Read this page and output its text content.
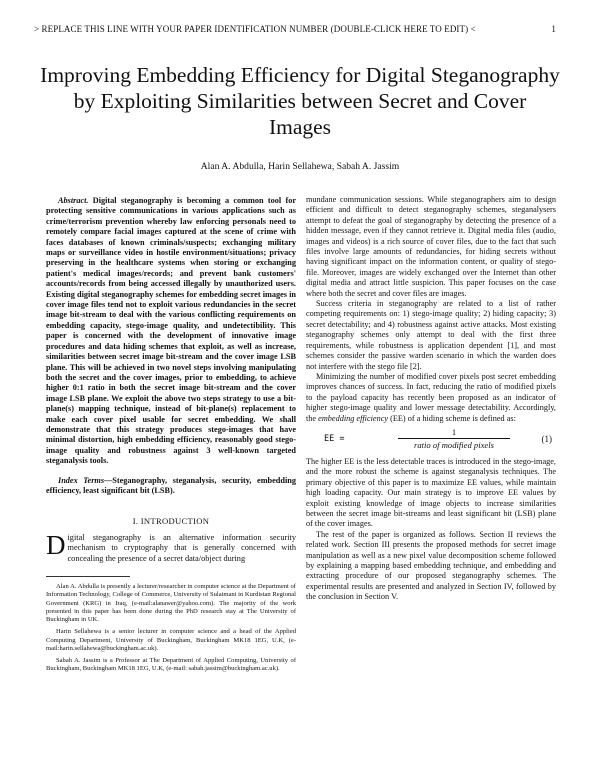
> REPLACE THIS LINE WITH YOUR PAPER IDENTIFICATION NUMBER (DOUBLE-CLICK HERE TO EDIT) <	1
Improving Embedding Efficiency for Digital Steganography by Exploiting Similarities between Secret and Cover Images
Alan A. Abdulla, Harin Sellahewa, Sabah A. Jassim

Abstract. Digital steganography is becoming a common tool for protecting sensitive communications in various applications such as crime/terrorism prevention whereby law enforcing personals need to remotely compare facial images captured at the scene of crime with faces databases of known criminals/suspects; exchanging military maps or surveillance video in hostile environment/situations; privacy preserving in the healthcare systems when storing or exchanging patient's medical images/records; and prevent bank customers' accounts/records from being accessed illegally by unauthorized users. Existing digital steganography schemes for embedding secret images in cover image files tend not to exploit various redundancies in the secret image bit-stream to deal with the various conflicting requirements on embedding capacity, stego-image quality, and undetectibility. This paper is concerned with the development of innovative image procedures and data hiding schemes that exploit, as well as increase, similarities between secret image bit-stream and the cover image LSB plane. This will be achieved in two novel steps involving manipulating both the secret and the cover images, prior to embedding, to achieve higher 0:1 ratio in both the secret image bit-stream and the cover image LSB plane. We exploit the above two steps strategy to use a bit-plane(s) mapping technique, instead of bit-plane(s) replacement to make each cover pixel usable for secret embedding. We shall demonstrate that this strategy produces stego-images that have minimal distortion, high embedding efficiency, reasonably good stego-image quality and robustness against 3 well-known targeted steganalysis tools.

Index Terms—Steganography, steganalysis, security, embedding efficiency, least significant bit (LSB).

I. INTRODUCTION

Digital steganography is an alternative information security mechanism to cryptography that is generally concerned with concealing the presence of a secret data/object during

Alan A. Abdulla is presently a lecturer/researcher in computer science at the Department of Information Technology, College of Commerce, University of Sulaimani in Kurdistan Regional Government (KRG) in Iraq, (e-mail:alanawer@yahoo.com). The majority of the work presented in this paper has been done during the PhD research stay at The University of Buckingham in UK.

Harin Sellahewa is a senior lecturer in computer science and a head of the Applied Computing Department, University of Buckingham, Buckingham MK18 1EG, U.K, (e-mail:harin.sellahewa@buckingham.ac.uk).

Sabah A. Jassim is a Professor at The Department of Applied Computing, University of Buckingham, Buckingham MK18 1EG, U.K, (e-mail: sabah.jassim@buckingham.ac.uk).

mundane communication sessions. While steganographers aim to design efficient and difficult to detect steganography schemes, steganalysers attempt to defeat the goal of steganography by detecting the presence of a hidden message, even if they cannot retrieve it. Digital media files (audio, images and videos) is a rich source of cover files, due to the fact that such files involve large amounts of redundancies, for hiding secrets without having significant impact on the information content, or quality of stego-file. Moreover, images are widely exchanged over the Internet than other digital media and attract little suspicion. This paper focuses on the case where both the secret and cover files are images.

Success criteria in steganography are related to a list of rather competing requirements on: 1) stego-image quality; 2) hiding capacity; 3) secret detectability; and 4) robustness against active attacks. Most existing steganography schemes only attempt to deal with the first three requirements, while robustness is application dependent [1], and most schemes consider the passive warden scenario in which the warden does not interfere with the stego file [2].

Minimizing the number of modified cover pixels post secret embedding improves chances of success. In fact, reducing the ratio of modified pixels to the payload capacity has recently been proposed as an indicator of higher stego-image quality and lower message detectability. Accordingly, the embedding efficiency (EE) of a hiding scheme is defined as:

EE =
1
ratio of modified pixels
(1)

The higher EE is the less detectable traces is introduced in the stego-image, and the more robust the scheme is against steganalysis techniques. The primary objective of this paper is to maximize EE values, while maintain high loading capacity. Our main strategy is to improve EE values by exploit existing knowledge of image objects to increase similarities between the secret image bit-streams and least significant bit (LSB) plane of the cover images.

The rest of the paper is organized as follows. Section II reviews the related work. Section III presents the proposed methods for secret image manipulation as well as a new pixel value decomposition scheme followed by explaining a mapping based embedding technique, and embedding and extracting procedure of our proposed steganography schemes. The experimental results are presented and analyzed in Section IV, followed by the conclusion in Section V.
